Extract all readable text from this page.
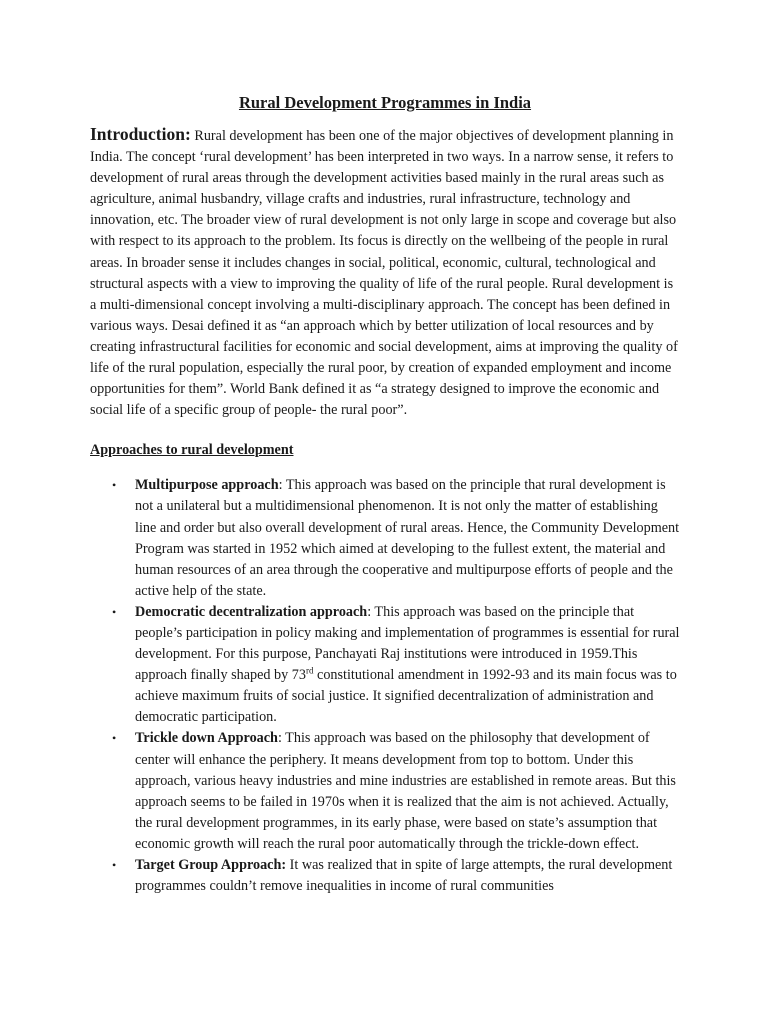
Rural Development Programmes in India

Introduction: Rural development has been one of the major objectives of development planning in India. The concept ‘rural development’ has been interpreted in two ways. In a narrow sense, it refers to development of rural areas through the development activities based mainly in the rural areas such as agriculture, animal husbandry, village crafts and industries, rural infrastructure, technology and innovation, etc. The broader view of rural development is not only large in scope and coverage but also with respect to its approach to the problem. Its focus is directly on the wellbeing of the people in rural areas. In broader sense it includes changes in social, political, economic, cultural, technological and structural aspects with a view to improving the quality of life of the rural people. Rural development is a multi-dimensional concept involving a multi-disciplinary approach. The concept has been defined in various ways. Desai defined it as “an approach which by better utilization of local resources and by creating infrastructural facilities for economic and social development, aims at improving the quality of life of the rural population, especially the rural poor, by creation of expanded employment and income opportunities for them”. World Bank defined it as “a strategy designed to improve the economic and social life of a specific group of people- the rural poor”.

Approaches to rural development
• Multipurpose approach: This approach was based on the principle that rural development is not a unilateral but a multidimensional phenomenon. It is not only the matter of establishing line and order but also overall development of rural areas. Hence, the Community Development Program was started in 1952 which aimed at developing to the fullest extent, the material and human resources of an area through the cooperative and multipurpose efforts of people and the active help of the state.
• Democratic decentralization approach: This approach was based on the principle that people’s participation in policy making and implementation of programmes is essential for rural development. For this purpose, Panchayati Raj institutions were introduced in 1959.This approach finally shaped by 73rd constitutional amendment in 1992-93 and its main focus was to achieve maximum fruits of social justice. It signified decentralization of administration and democratic participation.
• Trickle down Approach: This approach was based on the philosophy that development of center will enhance the periphery. It means development from top to bottom. Under this approach, various heavy industries and mine industries are established in remote areas. But this approach seems to be failed in 1970s when it is realized that the aim is not achieved. Actually, the rural development programmes, in its early phase, were based on state’s assumption that economic growth will reach the rural poor automatically through the trickle-down effect.
• Target Group Approach: It was realized that in spite of large attempts, the rural development programmes couldn’t remove inequalities in income of rural communities
